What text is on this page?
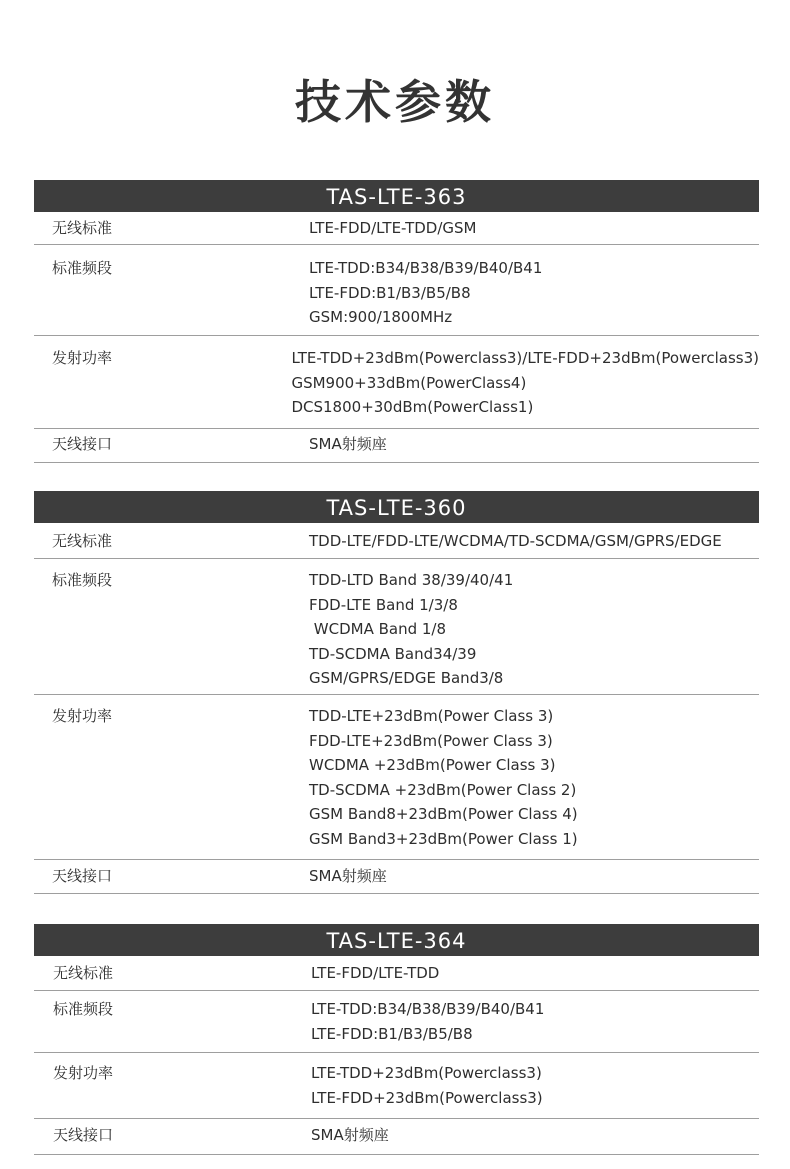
技术参数
TAS-LTE-363
无线标准	LTE-FDD/LTE-TDD/GSM
标准频段	LTE-TDD:B34/B38/B39/B40/B41
LTE-FDD:B1/B3/B5/B8
GSM:900/1800MHz
发射功率	LTE-TDD+23dBm(Powerclass3)/LTE-FDD+23dBm(Powerclass3)
GSM900+33dBm(PowerClass4)
DCS1800+30dBm(PowerClass1)
天线接口	SMA射频座
TAS-LTE-360
无线标准	TDD-LTE/FDD-LTE/WCDMA/TD-SCDMA/GSM/GPRS/EDGE
标准频段	TDD-LTD Band 38/39/40/41
FDD-LTE Band 1/3/8
WCDMA Band 1/8
TD-SCDMA Band34/39
GSM/GPRS/EDGE Band3/8
发射功率	TDD-LTE+23dBm(Power Class 3)
FDD-LTE+23dBm(Power Class 3)
WCDMA +23dBm(Power Class 3)
TD-SCDMA +23dBm(Power Class 2)
GSM Band8+23dBm(Power Class 4)
GSM Band3+23dBm(Power Class 1)
天线接口	SMA射频座
TAS-LTE-364
无线标准	LTE-FDD/LTE-TDD
标准频段	LTE-TDD:B34/B38/B39/B40/B41
LTE-FDD:B1/B3/B5/B8
发射功率	LTE-TDD+23dBm(Powerclass3)
LTE-FDD+23dBm(Powerclass3)
天线接口	SMA射频座
